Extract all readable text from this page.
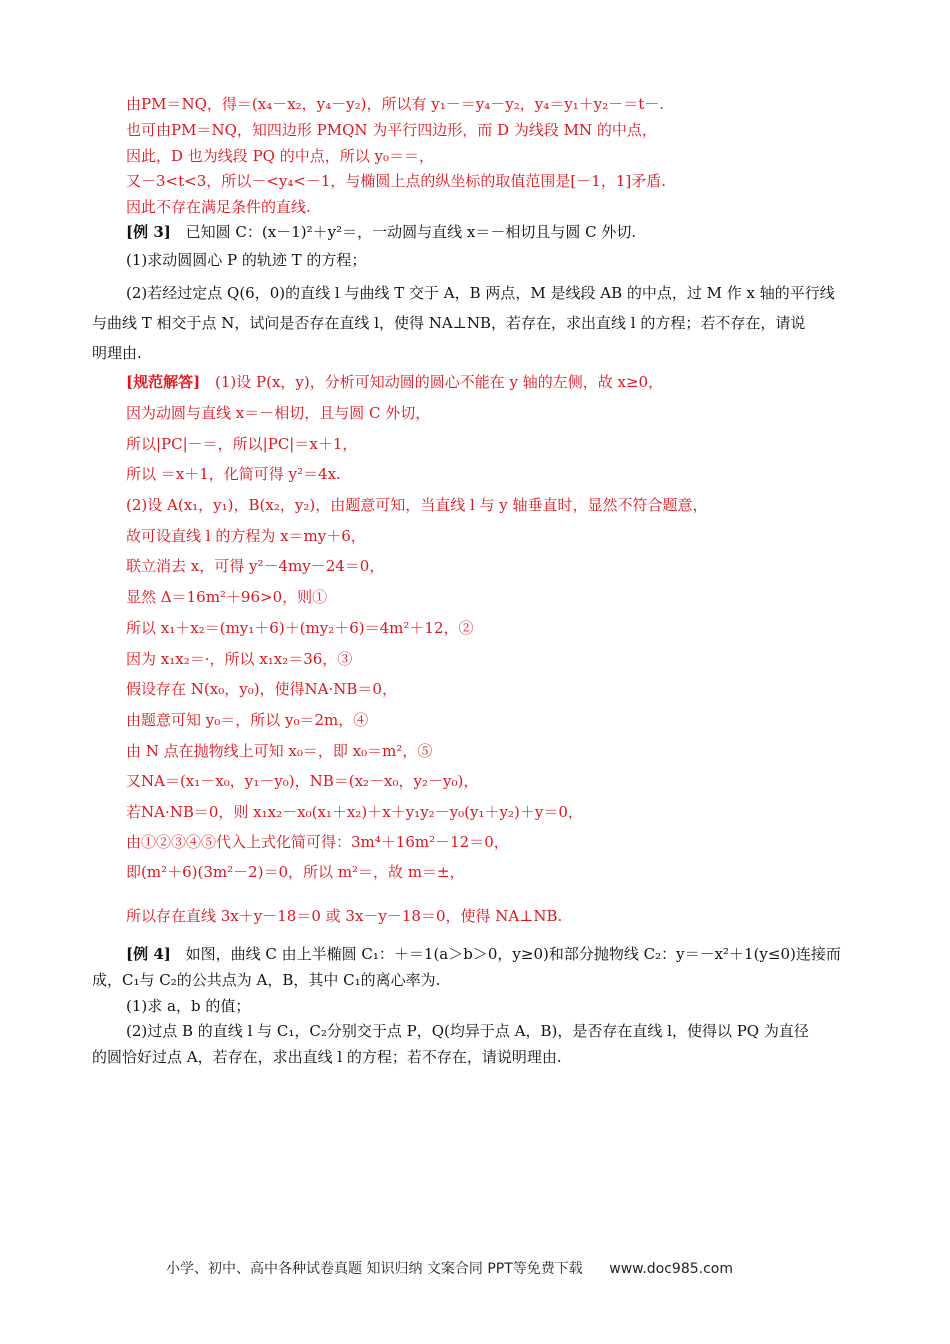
由PM＝NQ，得＝(x₄－x₂，y₄－y₂)，所以有 y₁－＝y₄－y₂，y₄＝y₁＋y₂－＝t－.
也可由PM＝NQ，知四边形 PMQN 为平行四边形，而 D 为线段 MN 的中点，
因此，D 也为线段 PQ 的中点，所以 y₀＝＝，
又－3<t<3，所以－<y₄<－1，与椭圆上点的纵坐标的取值范围是[－1，1]矛盾.
因此不存在满足条件的直线.
[例 3] 已知圆 C：(x－1)²＋y²＝，一动圆与直线 x＝－相切且与圆 C 外切.
(1)求动圆圆心 P 的轨迹 T 的方程；
(2)若经过定点 Q(6，0)的直线 l 与曲线 T 交于 A，B 两点，M 是线段 AB 的中点，过 M 作 x 轴的平行线
与曲线 T 相交于点 N，试问是否存在直线 l，使得 NA⊥NB，若存在，求出直线 l 的方程；若不存在，请说
明理由.
[规范解答] (1)设 P(x，y)，分析可知动圆的圆心不能在 y 轴的左侧，故 x≥0，
因为动圆与直线 x＝－相切，且与圆 C 外切，
所以|PC|－＝，所以|PC|＝x＋1，
所以 ＝x＋1，化简可得 y²＝4x.
(2)设 A(x₁，y₁)，B(x₂，y₂)，由题意可知，当直线 l 与 y 轴垂直时，显然不符合题意，
故可设直线 l 的方程为 x＝my＋6，
联立消去 x，可得 y²－4my－24＝0，
显然 Δ＝16m²＋96>0，则①
所以 x₁＋x₂＝(my₁＋6)＋(my₂＋6)＝4m²＋12，②
因为 x₁x₂＝·，所以 x₁x₂＝36，③
假设存在 N(x₀，y₀)，使得NA·NB＝0，
由题意可知 y₀＝，所以 y₀＝2m，④
由 N 点在抛物线上可知 x₀＝，即 x₀＝m²，⑤
又NA＝(x₁－x₀，y₁－y₀)，NB＝(x₂－x₀，y₂－y₀)，
若NA·NB＝0，则 x₁x₂－x₀(x₁＋x₂)＋x＋y₁y₂－y₀(y₁＋y₂)＋y＝0，
由①②③④⑤代入上式化简可得：3m⁴＋16m²－12＝0，
即(m²＋6)(3m²－2)＝0，所以 m²＝，故 m＝±，
所以存在直线 3x＋y－18＝0 或 3x－y－18＝0，使得 NA⊥NB.
[例 4] 如图，曲线 C 由上半椭圆 C₁：＋＝1(a＞b＞0，y≥0)和部分抛物线 C₂：y＝－x²＋1(y≤0)连接而
成，C₁与 C₂的公共点为 A，B，其中 C₁的离心率为.
(1)求 a，b 的值；
(2)过点 B 的直线 l 与 C₁，C₂分别交于点 P，Q(均异于点 A，B)，是否存在直线 l，使得以 PQ 为直径
的圆恰好过点 A，若存在，求出直线 l 的方程；若不存在，请说明理由.
小学、初中、高中各种试卷真题 知识归纳 文案合同 PPT等免费下载 www.doc985.com
